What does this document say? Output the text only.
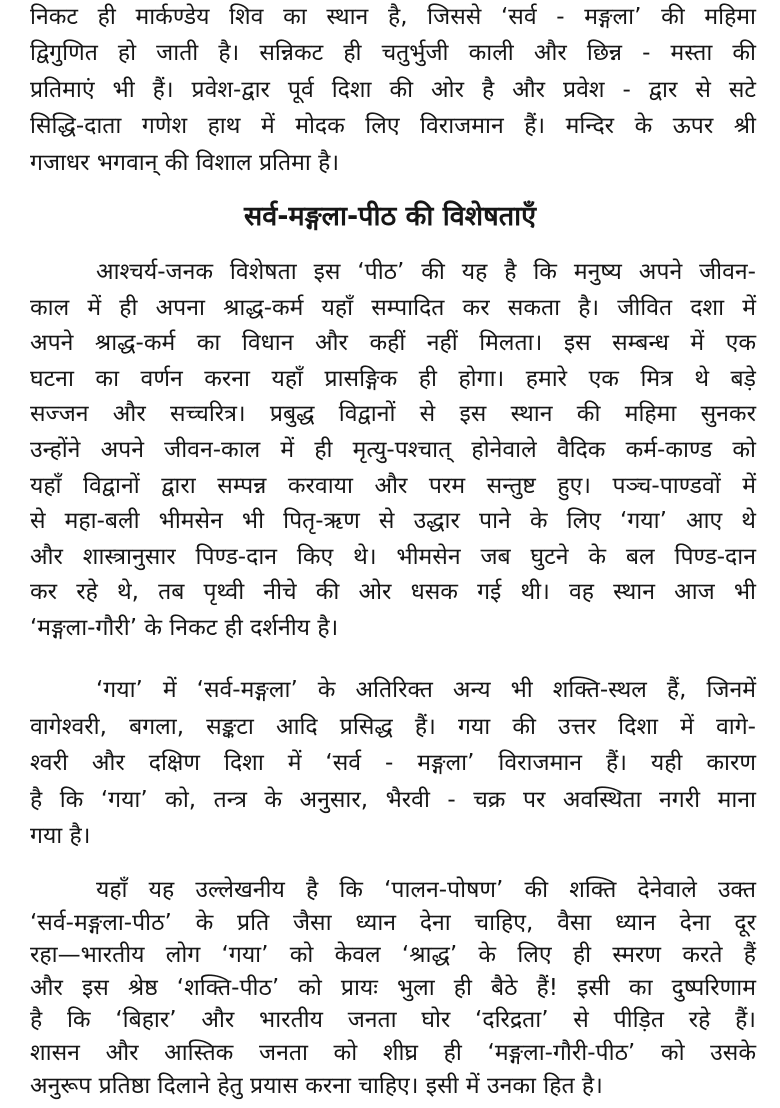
सर्व-मङ्गला-पीठ की विशेषताएँ
निकट ही मार्कण्डेय शिव का स्थान है, जिससे ‘सर्व - मङ्गला’ की महिमा
द्विगुणित हो जाती है। सन्निकट ही चतुर्भुजी काली और छिन्न - मस्ता की
प्रतिमाएं भी हैं। प्रवेश-द्वार पूर्व दिशा की ओर है और प्रवेश - द्वार से सटे
सिद्धि-दाता गणेश हाथ में मोदक लिए विराजमान हैं। मन्दिर के ऊपर श्री
गजाधर भगवान् की विशाल प्रतिमा है।
आश्चर्य-जनक विशेषता इस ‘पीठ’ की यह है कि मनुष्य अपने जीवन-
काल में ही अपना श्राद्ध-कर्म यहाँ सम्पादित कर सकता है। जीवित दशा में
अपने श्राद्ध-कर्म का विधान और कहीं नहीं मिलता। इस सम्बन्ध में एक
घटना का वर्णन करना यहाँ प्रासङ्गिक ही होगा। हमारे एक मित्र थे बड़े
सज्जन और सच्चरित्र। प्रबुद्ध विद्वानों से इस स्थान की महिमा सुनकर
उन्होंने अपने जीवन-काल में ही मृत्यु-पश्चात् होनेवाले वैदिक कर्म-काण्ड को
यहाँ विद्वानों द्वारा सम्पन्न करवाया और परम सन्तुष्ट हुए। पञ्च-पाण्डवों में
से महा-बली भीमसेन भी पितृ-ऋण से उद्धार पाने के लिए ‘गया’ आए थे
और शास्त्रानुसार पिण्ड-दान किए थे। भीमसेन जब घुटने के बल पिण्ड-दान
कर रहे थे, तब पृथ्वी नीचे की ओर धसक गई थी। वह स्थान आज भी
‘मङ्गला-गौरी’ के निकट ही दर्शनीय है।
‘गया’ में ‘सर्व-मङ्गला’ के अतिरिक्त अन्य भी शक्ति-स्थल हैं, जिनमें
वागेश्वरी, बगला, सङ्कटा आदि प्रसिद्ध हैं। गया की उत्तर दिशा में वागे-
श्वरी और दक्षिण दिशा में ‘सर्व - मङ्गला’ विराजमान हैं। यही कारण
है कि ‘गया’ को, तन्त्र के अनुसार, भैरवी - चक्र पर अवस्थिता नगरी माना
गया है।
यहाँ यह उल्लेखनीय है कि ‘पालन-पोषण’ की शक्ति देनेवाले उक्त
‘सर्व-मङ्गला-पीठ’ के प्रति जैसा ध्यान देना चाहिए, वैसा ध्यान देना दूर
रहा—भारतीय लोग ‘गया’ को केवल ‘श्राद्ध’ के लिए ही स्मरण करते हैं
और इस श्रेष्ठ ‘शक्ति-पीठ’ को प्रायः भुला ही बैठे हैं! इसी का दुष्परिणाम
है कि ‘बिहार’ और भारतीय जनता घोर ‘दरिद्रता’ से पीड़ित रहे हैं।
शासन और आस्तिक जनता को शीघ्र ही ‘मङ्गला-गौरी-पीठ’ को उसके
अनुरूप प्रतिष्ठा दिलाने हेतु प्रयास करना चाहिए। इसी में उनका हित है।
